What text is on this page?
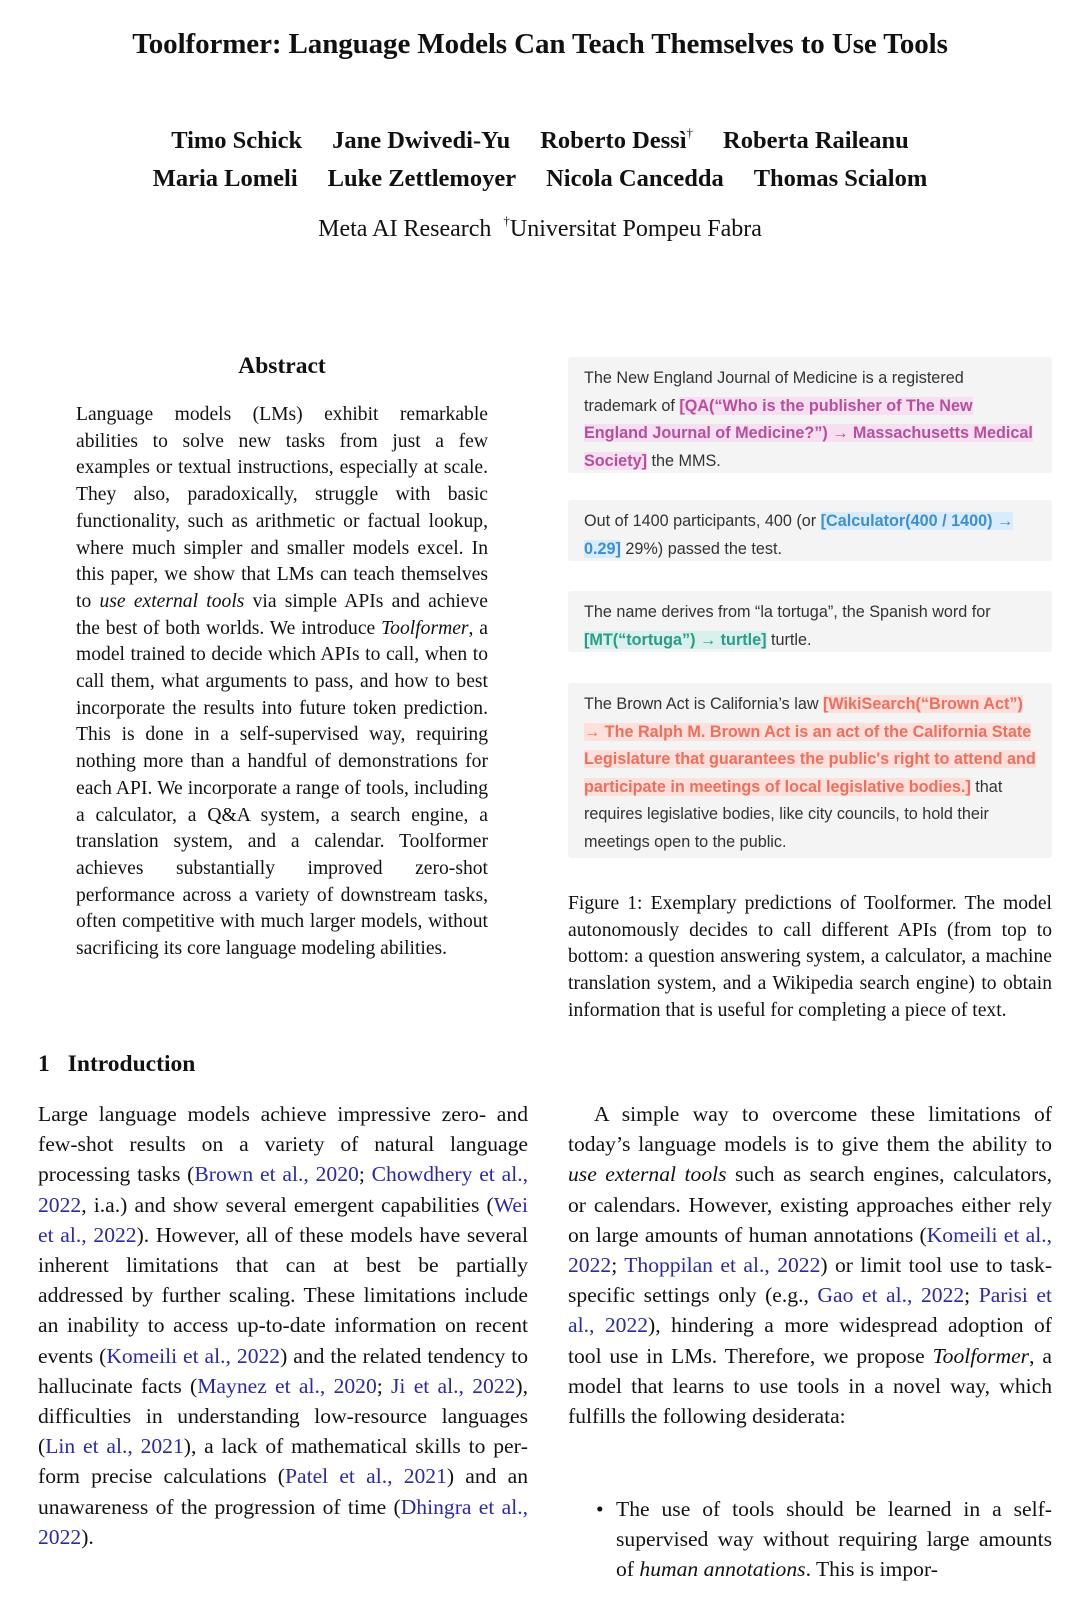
Toolformer: Language Models Can Teach Themselves to Use Tools
Timo Schick Jane Dwivedi-Yu Roberto Dessì† Roberta Raileanu
Maria Lomeli Luke Zettlemoyer Nicola Cancedda Thomas Scialom
Meta AI Research †Universitat Pompeu Fabra
Abstract
Language models (LMs) exhibit remarkable abilities to solve new tasks from just a few examples or textual instructions, especially at scale. They also, paradoxically, struggle with basic functionality, such as arithmetic or factual lookup, where much simpler and smaller models excel. In this paper, we show that LMs can teach themselves to use external tools via simple APIs and achieve the best of both worlds. We introduce Toolformer, a model trained to decide which APIs to call, when to call them, what arguments to pass, and how to best incorporate the results into future token prediction. This is done in a self-supervised way, requiring nothing more than a handful of demonstrations for each API. We incorporate a range of tools, including a calculator, a Q&A system, a search engine, a translation system, and a calendar. Toolformer achieves substantially improved zero-shot performance across a variety of downstream tasks, often competitive with much larger models, without sacrificing its core language modeling abilities.
The New England Journal of Medicine is a registered trademark of [QA(“Who is the publisher of The New England Journal of Medicine?”) → Massachusetts Medical Society] the MMS.
Out of 1400 participants, 400 (or [Calculator(400 / 1400) → 0.29] 29%) passed the test.
The name derives from “la tortuga”, the Spanish word for [MT(“tortuga”) → turtle] turtle.
The Brown Act is California’s law [WikiSearch(“Brown Act”) → The Ralph M. Brown Act is an act of the California State Legislature that guarantees the public's right to attend and participate in meetings of local legislative bodies.] that requires legislative bodies, like city councils, to hold their meetings open to the public.
Figure 1: Exemplary predictions of Toolformer. The model autonomously decides to call different APIs (from top to bottom: a question answering system, a calculator, a machine translation system, and a Wikipedia search engine) to obtain information that is useful for completing a piece of text.
1 Introduction
Large language models achieve impressive zero- and few-shot results on a variety of natural language processing tasks (Brown et al., 2020; Chowdhery et al., 2022, i.a.) and show several emergent capabilities (Wei et al., 2022). However, all of these models have several inherent limitations that can at best be partially addressed by further scaling. These limitations include an inability to access up-to-date information on recent events (Komeili et al., 2022) and the related tendency to hallucinate facts (Maynez et al., 2020; Ji et al., 2022), difficulties in understanding low-resource languages (Lin et al., 2021), a lack of mathematical skills to perform precise calculations (Patel et al., 2021) and an unawareness of the progression of time (Dhingra et al., 2022).

A simple way to overcome these limitations of today’s language models is to give them the ability to use external tools such as search engines, calculators, or calendars. However, existing approaches either rely on large amounts of human annotations (Komeili et al., 2022; Thoppilan et al., 2022) or limit tool use to task-specific settings only (e.g., Gao et al., 2022; Parisi et al., 2022), hindering a more widespread adoption of tool use in LMs. Therefore, we propose Toolformer, a model that learns to use tools in a novel way, which fulfills the following desiderata:

• The use of tools should be learned in a self-supervised way without requiring large amounts of human annotations. This is impor-
